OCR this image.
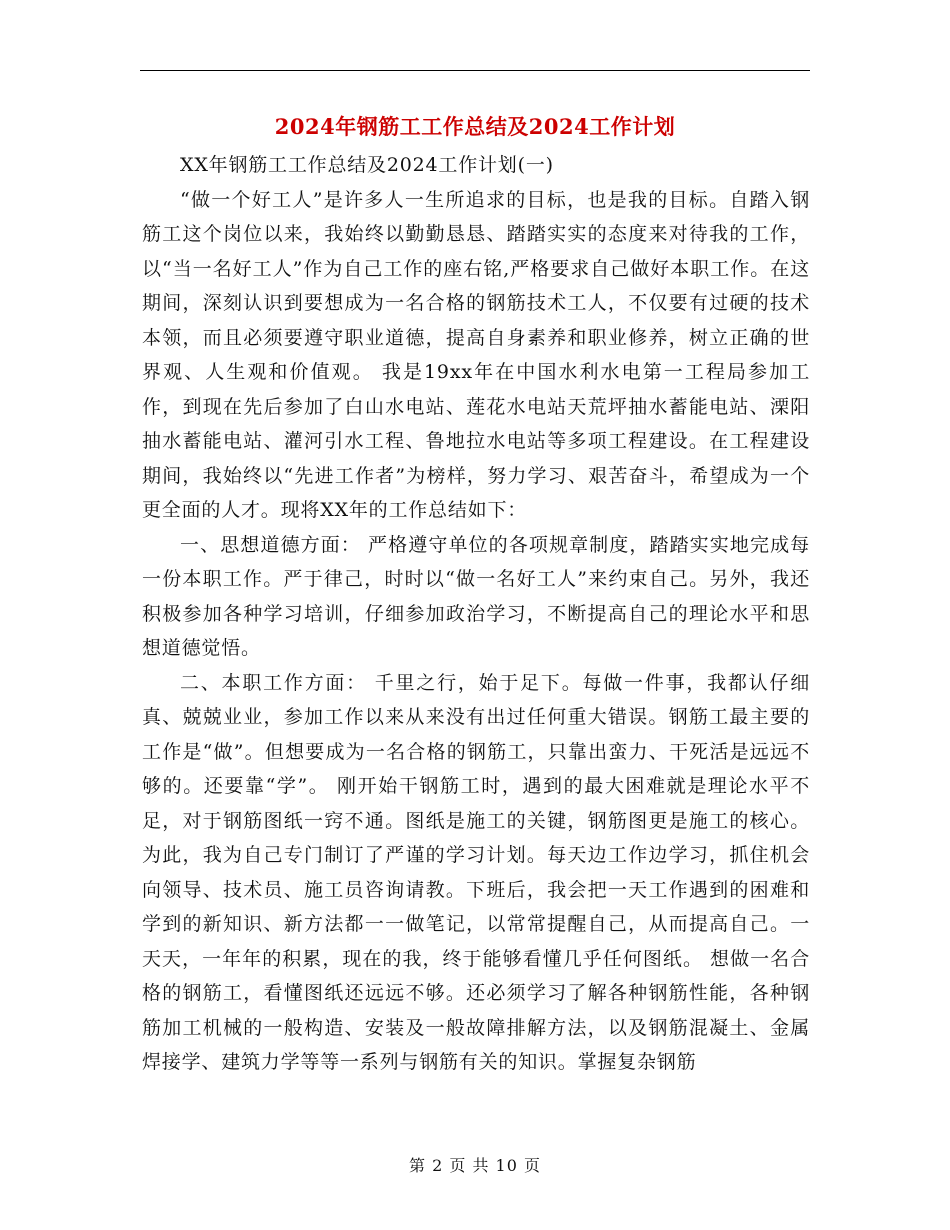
2024年钢筋工工作总结及2024工作计划

XX年钢筋工工作总结及2024工作计划(一)

“做一个好工人”是许多人一生所追求的目标，也是我的目标。自踏入钢筋工这个岗位以来，我始终以勤勤恳恳、踏踏实实的态度来对待我的工作，以“当一名好工人”作为自己工作的座右铭,严格要求自己做好本职工作。在这期间，深刻认识到要想成为一名合格的钢筋技术工人，不仅要有过硬的技术本领，而且必须要遵守职业道德，提高自身素养和职业修养，树立正确的世界观、人生观和价值观。 我是19xx年在中国水利水电第一工程局参加工作，到现在先后参加了白山水电站、莲花水电站天荒坪抽水蓄能电站、溧阳抽水蓄能电站、灌河引水工程、鲁地拉水电站等多项工程建设。在工程建设期间，我始终以“先进工作者”为榜样，努力学习、艰苦奋斗，希望成为一个更全面的人才。现将XX年的工作总结如下：

一、思想道德方面： 严格遵守单位的各项规章制度，踏踏实实地完成每一份本职工作。严于律己，时时以“做一名好工人”来约束自己。另外，我还积极参加各种学习培训，仔细参加政治学习，不断提高自己的理论水平和思想道德觉悟。

二、本职工作方面： 千里之行，始于足下。每做一件事，我都认仔细真、兢兢业业，参加工作以来从来没有出过任何重大错误。钢筋工最主要的工作是“做”。但想要成为一名合格的钢筋工，只靠出蛮力、干死活是远远不够的。还要靠“学”。 刚开始干钢筋工时，遇到的最大困难就是理论水平不足，对于钢筋图纸一窍不通。图纸是施工的关键，钢筋图更是施工的核心。为此，我为自己专门制订了严谨的学习计划。每天边工作边学习，抓住机会向领导、技术员、施工员咨询请教。下班后，我会把一天工作遇到的困难和学到的新知识、新方法都一一做笔记，以常常提醒自己，从而提高自己。一天天，一年年的积累，现在的我，终于能够看懂几乎任何图纸。 想做一名合格的钢筋工，看懂图纸还远远不够。还必须学习了解各种钢筋性能，各种钢筋加工机械的一般构造、安装及一般故障排解方法，以及钢筋混凝土、金属焊接学、建筑力学等等一系列与钢筋有关的知识。掌握复杂钢筋

第 2 页 共 10 页
